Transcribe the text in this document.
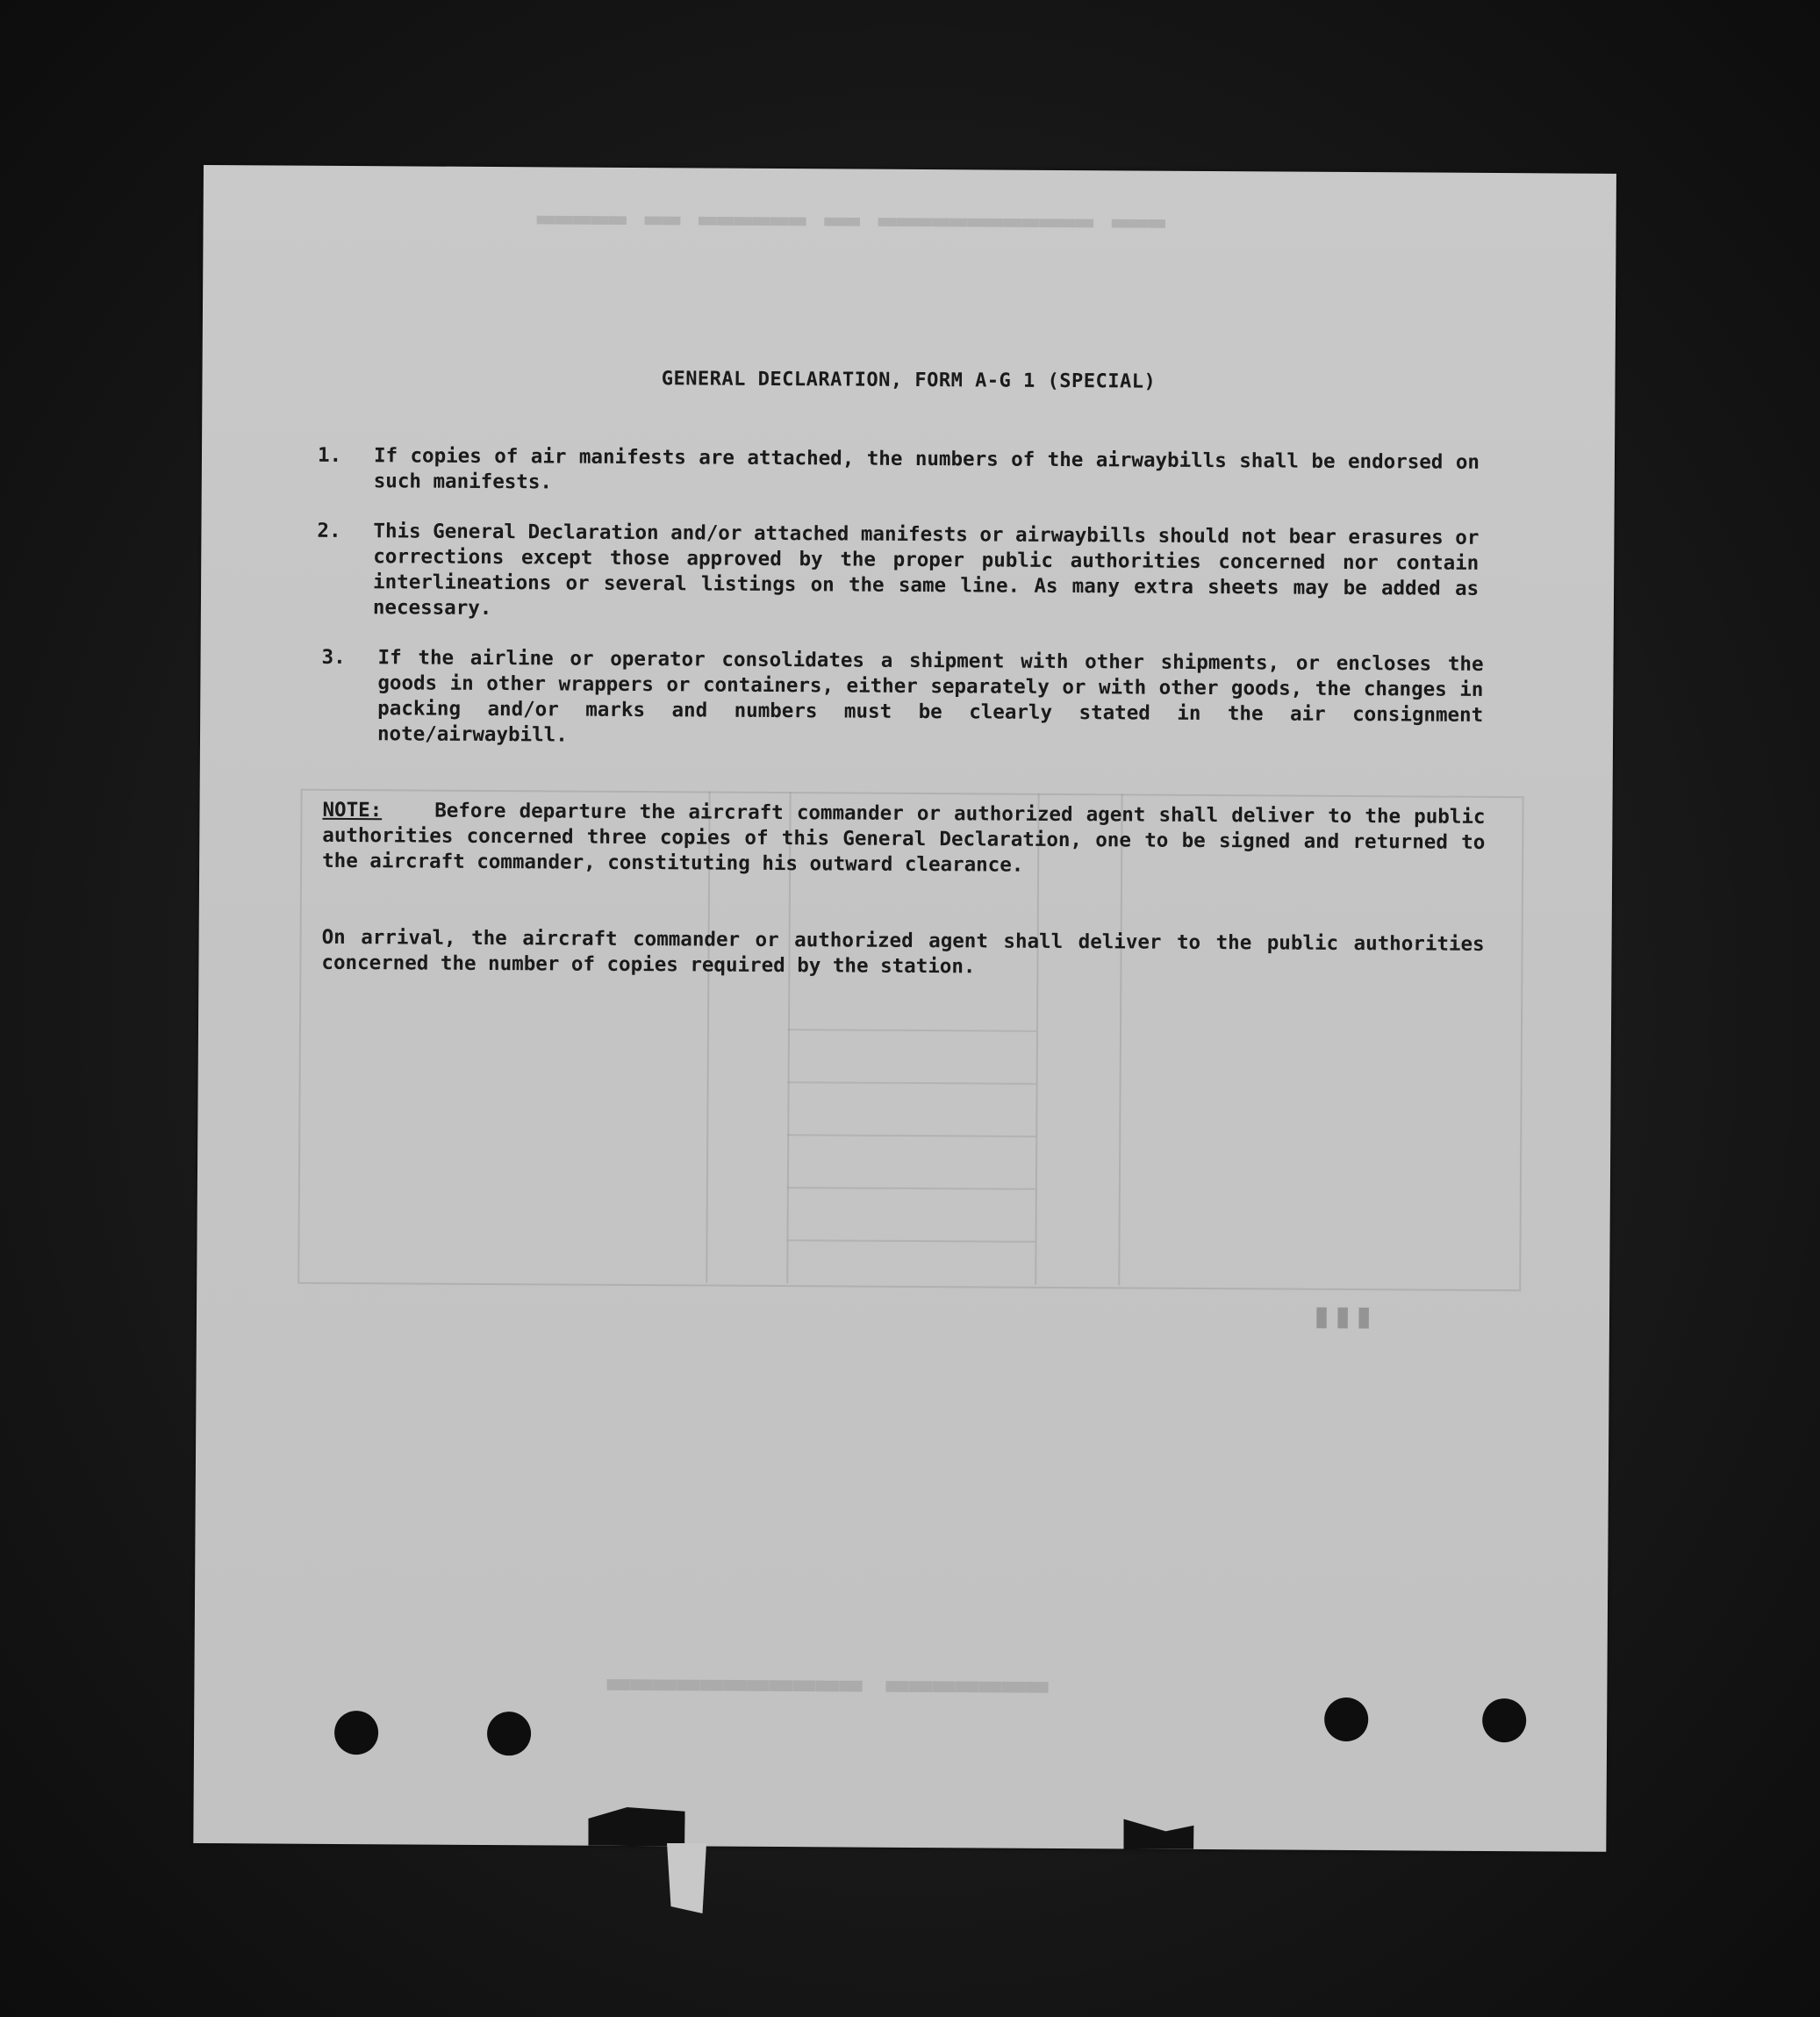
▬▬▬ ▬▬▬▬▬▬▬▬▬▬▬▬ ▬▬ ▬▬▬▬▬▬ ▬▬ ▬▬▬▬▬
▬▬▬▬▬▬▬ ▬▬▬▬▬▬▬▬▬▬▬
▮▮▮
GENERAL DECLARATION, FORM A-G 1 (SPECIAL)
1. If copies of air manifests are attached, the numbers of the airwaybills shall be endorsed on such manifests.
2. This General Declaration and/or attached manifests or airwaybills should not bear erasures or corrections except those approved by the proper public authorities concerned nor contain interlineations or several listings on the same line. As many extra sheets may be added as necessary.
3. If the airline or operator consolidates a shipment with other shipments, or encloses the goods in other wrappers or containers, either separately or with other goods, the changes in packing and/or marks and numbers must be clearly stated in the air consignment note/airwaybill.
NOTE:	Before departure the aircraft commander or authorized agent shall deliver to the public authorities concerned three copies of this General Declaration, one to be signed and returned to the aircraft commander, constituting his outward clearance.
On arrival, the aircraft commander or authorized agent shall deliver to the public authorities concerned the number of copies required by the station.
